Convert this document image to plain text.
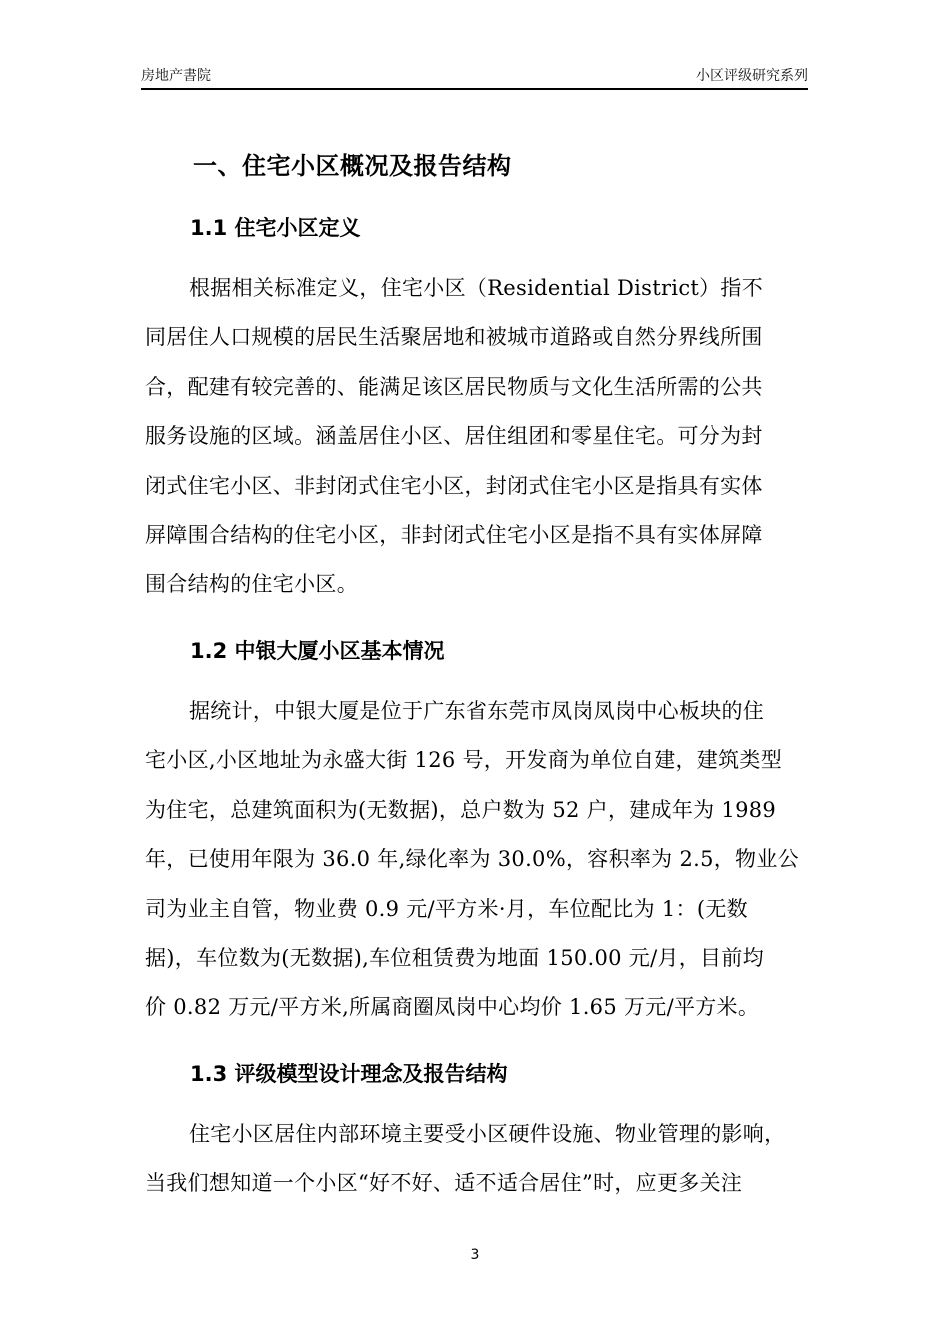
房地产書院	小区评级研究系列
一、住宅小区概况及报告结构
1.1 住宅小区定义
根据相关标准定义，住宅小区（Residential District）指不
同居住人口规模的居民生活聚居地和被城市道路或自然分界线所围
合，配建有较完善的、能满足该区居民物质与文化生活所需的公共
服务设施的区域。涵盖居住小区、居住组团和零星住宅。可分为封
闭式住宅小区、非封闭式住宅小区，封闭式住宅小区是指具有实体
屏障围合结构的住宅小区，非封闭式住宅小区是指不具有实体屏障
围合结构的住宅小区。
1.2 中银大厦小区基本情况
据统计，中银大厦是位于广东省东莞市凤岗凤岗中心板块的住
宅小区,小区地址为永盛大街 126 号，开发商为单位自建，建筑类型
为住宅，总建筑面积为(无数据)，总户数为 52 户，建成年为 1989
年，已使用年限为 36.0 年,绿化率为 30.0%，容积率为 2.5，物业公
司为业主自管，物业费 0.9 元/平方米·月，车位配比为 1：(无数
据)，车位数为(无数据),车位租赁费为地面 150.00 元/月，目前均
价 0.82 万元/平方米,所属商圈凤岗中心均价 1.65 万元/平方米。
1.3 评级模型设计理念及报告结构
住宅小区居住内部环境主要受小区硬件设施、物业管理的影响，
当我们想知道一个小区“好不好、适不适合居住”时，应更多关注
3
